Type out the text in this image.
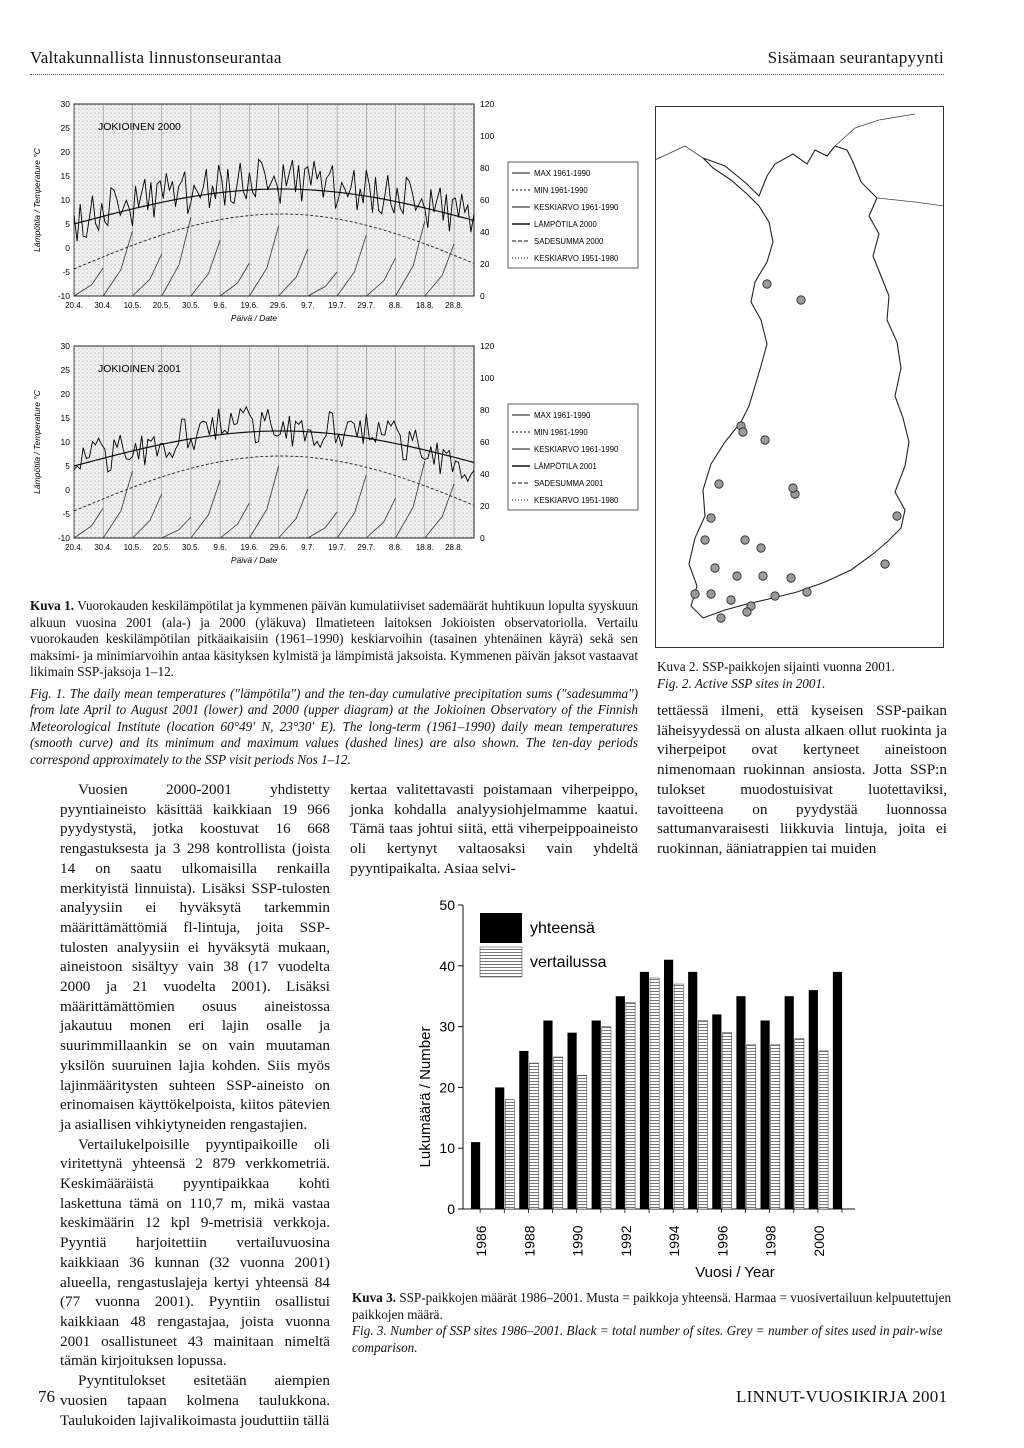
Valtakunnallista linnustonseurantaa	Sisämaan seurantapyynti
20.4. 30.4. 10.5. 20.5. 30.5. 9.6. 19.6. 29.6. 9.7. 19.7. 29.7. 8.8. 18.8. 28.8.
Päivä / Date
30
25
20
15
10
5
0
-5
-10
Lämpötila / Temperature °C
120
100
80
60
40
20
0
JOKIOINEN 2000
MAX 1961-1990
MIN 1961-1990
KESKIARVO 1961-1990
LÄMPÖTILA 2000
SADESUMMA 2000
KESKIARVO 1951-1980
20.4. 30.4. 10.5. 20.5. 30.5. 9.6. 19.6. 29.6. 9.7. 19.7. 29.7. 8.8. 18.8. 28.8.
Päivä / Date
30
25
20
15
10
5
0
-5
-10
Lämpötila / Temperature °C
120
100
80
60
40
20
0
JOKIOINEN 2001
MAX 1961-1990
MIN 1961-1990
KESKIARVO 1961-1990
LÄMPÖTILA 2001
SADESUMMA 2001
KESKIARVO 1951-1980
Kuva 1. Vuorokauden keskilämpötilat ja kymmenen päivän kumulatiiviset sademäärät huhtikuun lopulta syyskuun alkuun vuosina 2001 (ala-) ja 2000 (yläkuva) Ilmatieteen laitoksen Jokioisten observatoriolla. Vertailu vuorokauden keskilämpötilan pitkäaikaisiin (1961–1990) keskiarvoihin (tasainen yhtenäinen käyrä) sekä sen maksimi- ja minimiarvoihin antaa käsityksen kylmistä ja lämpimistä jaksoista. Kymmenen päivän jaksot vastaavat likimain SSP-jaksoja 1–12.
Fig. 1. The daily mean temperatures ("lämpötila") and the ten-day cumulative precipitation sums ("sadesumma") from late April to August 2001 (lower) and 2000 (upper diagram) at the Jokioinen Observatory of the Finnish Meteorological Institute (location 60°49' N, 23°30' E). The long-term (1961–1990) daily mean temperatures (smooth curve) and its minimum and maximum values (dashed lines) are also shown. The ten-day periods correspond approximately to the SSP visit periods Nos 1–12.
Kuva 2. SSP-paikkojen sijainti vuonna 2001.
Fig. 2. Active SSP sites in 2001.

Vuosien 2000-2001 yhdistetty pyyntiaineisto käsittää kaikkiaan 19 966 pyydystystä, jotka koostuvat 16 668 rengastuksesta ja 3 298 kontrollista (joista 14 on saatu ulkomaisilla renkailla merkityistä linnuista). Lisäksi SSP-tulosten analyysiin ei hyväksytä tarkemmin määrittämättömiä fl-lintuja, joita SSP-tulosten analyysiin ei hyväksytä mukaan, aineistoon sisältyy vain 38 (17 vuodelta 2000 ja 21 vuodelta 2001). Lisäksi määrittämättömien osuus aineistossa jakautuu monen eri lajin osalle ja suurimmillaankin se on vain muutaman yksilön suuruinen lajia kohden. Siis myös lajinmääritysten suhteen SSP-aineisto on erinomaisen käyttökelpoista, kiitos pätevien ja asiallisen vihkiytyneiden rengastajien.

Vertailukelpoisille pyyntipaikoille oli viritettynä yhteensä 2 879 verkkometriä. Keskimääräistä pyyntipaikkaa kohti laskettuna tämä on 110,7 m, mikä vastaa keskimäärin 12 kpl 9-metrisiä verkkoja. Pyyntiä harjoitettiin vertailuvuosina kaikkiaan 36 kunnan (32 vuonna 2001) alueella, rengastuslajeja kertyi yhteensä 84 (77 vuonna 2001). Pyyntiin osallistui kaikkiaan 48 rengastajaa, joista vuonna 2001 osallistuneet 43 mainitaan nimeltä tämän kirjoituksen lopussa.

Pyyntitulokset esitetään aiempien vuosien tapaan kolmena taulukkona. Taulukoiden lajivalikoimasta jouduttiin tällä

kertaa valitettavasti poistamaan viherpeippo, jonka kohdalla analyysiohjelmamme kaatui. Tämä taas johtui siitä, että viherpeippoaineisto oli kertynyt valtaosaksi vain yhdeltä pyyntipaikalta. Asiaa selvi-

tettäessä ilmeni, että kyseisen SSP-paikan läheisyydessä on alusta alkaen ollut ruokinta ja viherpeipot ovat kertyneet aineistoon nimenomaan ruokinnan ansiosta. Jotta SSP:n tulokset muodostuisivat luotettaviksi, tavoitteena on pyydystää luonnossa sattumanvaraisesti liikkuvia lintuja, joita ei ruokinnan, ääniatrappien tai muiden

0
10
20
30
40
50
Lukumäärä / Number
1986 1988 1990 1992 1994 1996 1998 2000
Vuosi / Year
yhteensä
vertailussa
Kuva 3. SSP-paikkojen määrät 1986–2001. Musta = paikkoja yhteensä. Harmaa = vuosivertailuun kelpuutettujen paikkojen määrä.
Fig. 3. Number of SSP sites 1986–2001. Black = total number of sites. Grey = number of sites used in pair-wise comparison.
76	LINNUT-VUOSIKIRJA 2001
